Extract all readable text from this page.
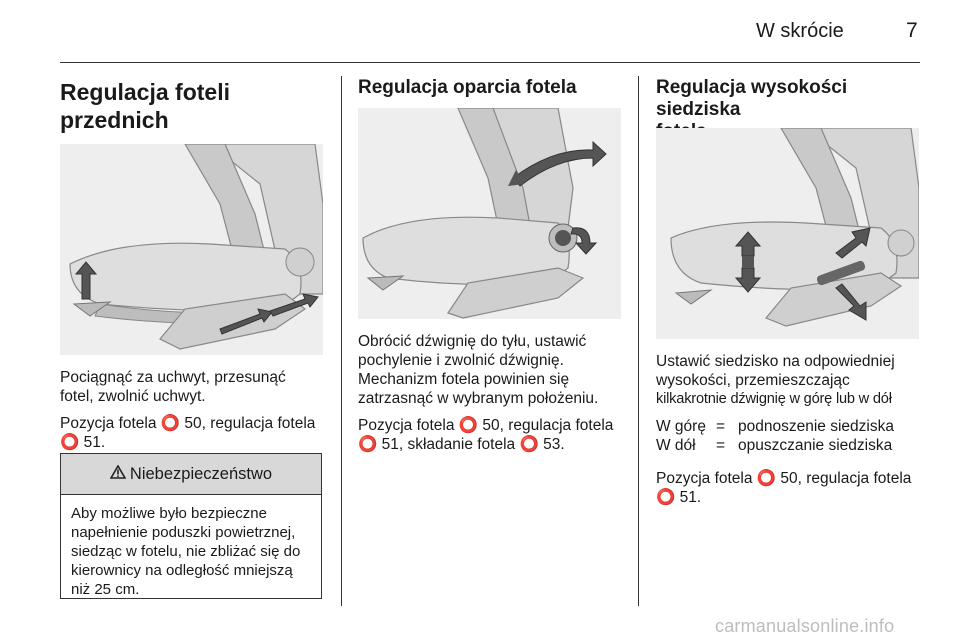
W skrócie	7
Regulacja foteli przednich

Pociągnąć za uchwyt, przesunąć

fotel, zwolnić uchwyt.

Pozycja fotela ⭕ 50, regulacja fotela

⭕ 51.

Niebezpieczeństwo
Aby możliwe było bezpieczne
napełnienie poduszki powietrznej,
siedząc w fotelu, nie zbliżać się do
kierownicy na odległość mniejszą
niż 25 cm.
Regulacja oparcia fotela

Obrócić dźwignię do tyłu, ustawić

pochylenie i zwolnić dźwignię.

Mechanizm fotela powinien się

zatrzasnąć w wybranym położeniu.

Pozycja fotela ⭕ 50, regulacja fotela

⭕ 51, składanie fotela ⭕ 53.

Regulacja wysokości siedziska

Ustawić siedzisko na odpowiedniej

wysokości, przemieszczając

kilkakrotnie dźwignię w górę lub w dół

W górę	=	podnoszenie siedziska
W dół	=	opuszczanie siedziska

Pozycja fotela ⭕ 50, regulacja fotela

⭕ 51.

carmanualsonline.info
